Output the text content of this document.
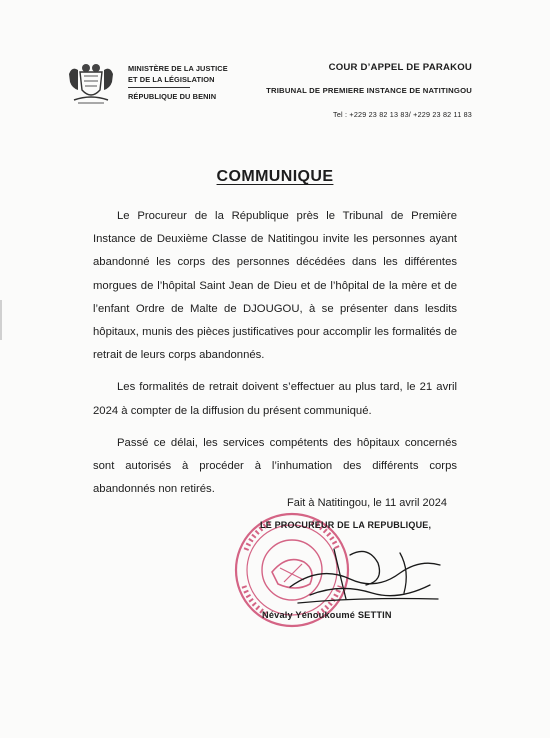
MINISTÈRE DE LA JUSTICE
ET DE LA LÉGISLATION
RÉPUBLIQUE DU BENIN
COUR D’APPEL DE PARAKOU
TRIBUNAL DE PREMIERE INSTANCE DE NATITINGOU
Tel : +229 23 82 13 83/ +229 23 82 11 83
COMMUNIQUE

Le Procureur de la République près le Tribunal de Première Instance de Deuxième Classe de Natitingou invite les personnes ayant abandonné les corps des personnes décédées dans les différentes morgues de l’hôpital Saint Jean de Dieu et de l’hôpital de la mère et de l’enfant Ordre de Malte de DJOUGOU, à se présenter dans lesdits hôpitaux, munis des pièces justificatives pour accomplir les formalités de retrait de leurs corps abandonnés.

Les formalités de retrait doivent s’effectuer au plus tard, le 21 avril 2024 à compter de la diffusion du présent communiqué.

Passé ce délai, les services compétents des hôpitaux concernés sont autorisés à procéder à l’inhumation des différents corps abandonnés non retirés.

Fait à Natitingou, le 11 avril 2024
LE PROCUREUR DE LA REPUBLIQUE,
Névaly Yénoukoumé SETTIN
